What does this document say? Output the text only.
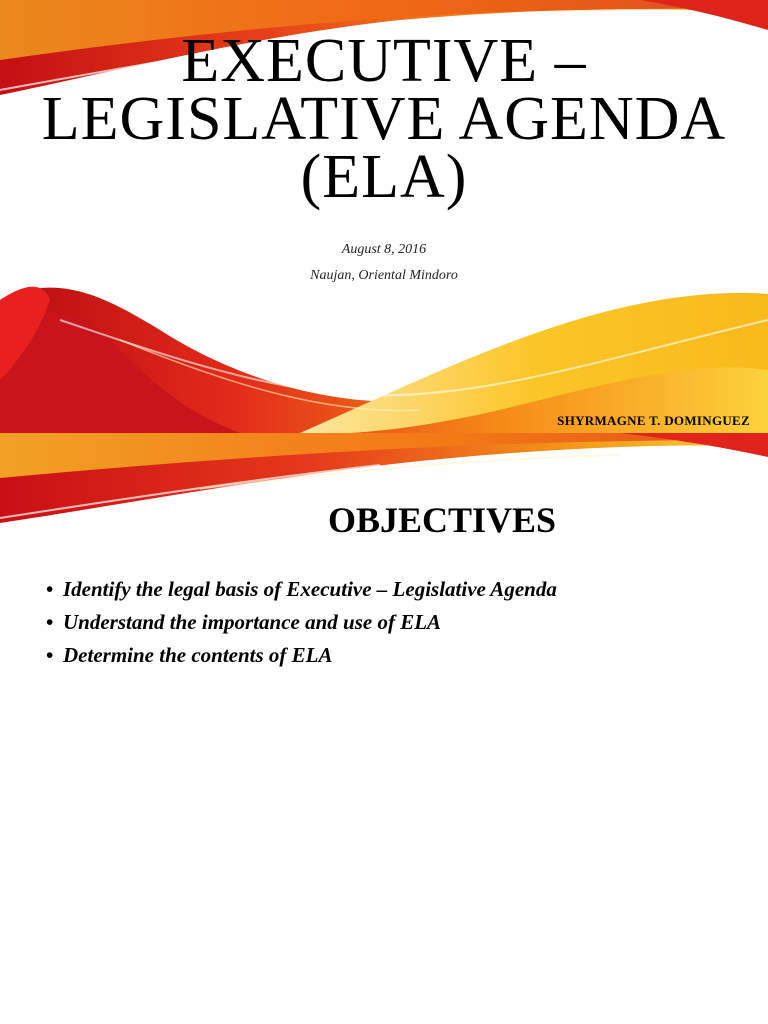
EXECUTIVE –
LEGISLATIVE AGENDA
(ELA)
August 8, 2016
Naujan, Oriental Mindoro
SHYRMAGNE T. DOMINGUEZ
OBJECTIVES
• Identify the legal basis of Executive – Legislative Agenda
• Understand the importance and use of ELA
• Determine the contents of ELA
